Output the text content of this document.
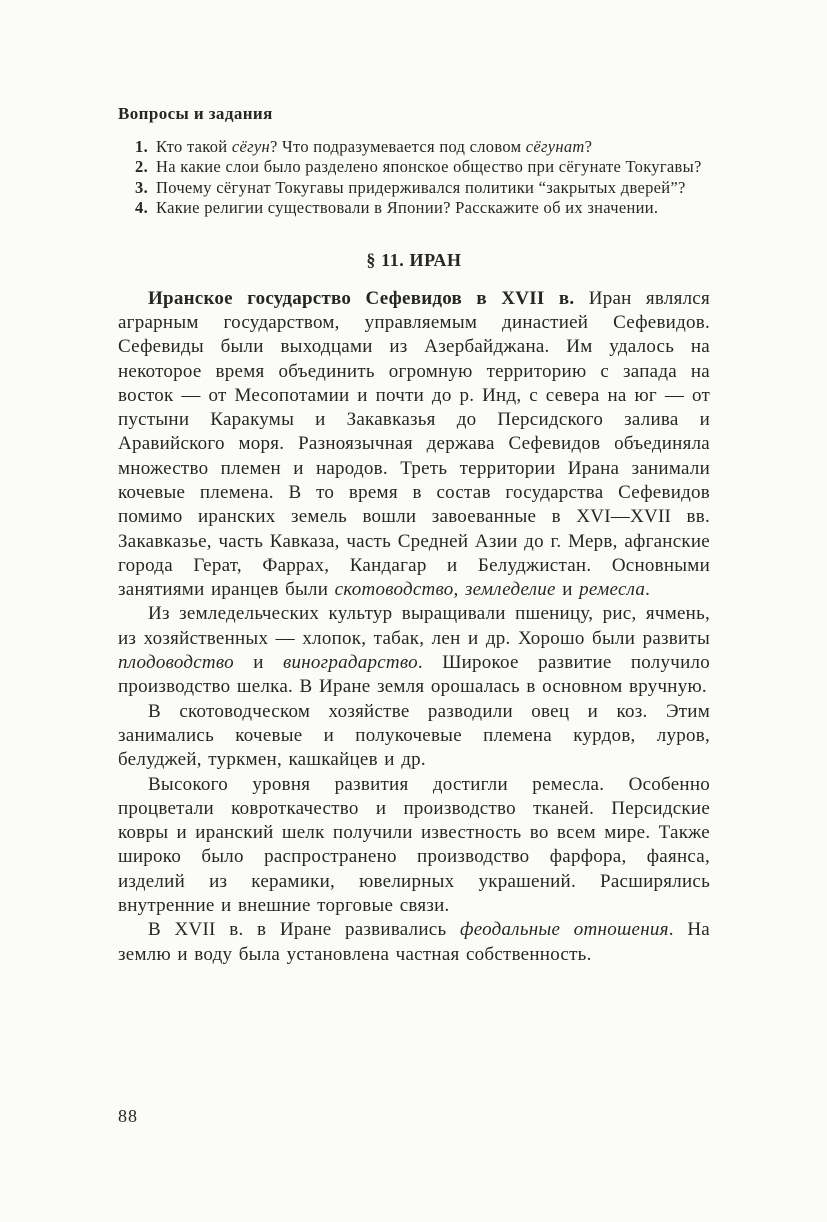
Вопросы и задания
1. Кто такой сёгун? Что подразумевается под словом сёгунат?
2. На какие слои было разделено японское общество при сёгунате Токугавы?
3. Почему сёгунат Токугавы придерживался политики “закрытых дверей”?
4. Какие религии существовали в Японии? Расскажите об их значении.
§ 11. ИРАН

Иранское государство Сефевидов в XVII в. Иран являлся аграрным государством, управляемым династией Сефевидов. Сефевиды были выходцами из Азербайджана. Им удалось на некоторое время объединить огромную территорию с запада на восток — от Месопотамии и почти до р. Инд, с севера на юг — от пустыни Каракумы и Закавказья до Персидского залива и Аравийского моря. Разноязычная держава Сефевидов объединяла множество племен и народов. Треть территории Ирана занимали кочевые племена. В то время в состав государства Сефевидов помимо иранских земель вошли завоеванные в XVI—XVII вв. Закавказье, часть Кавказа, часть Средней Азии до г. Мерв, афганские города Герат, Фаррах, Кандагар и Белуджистан. Основными занятиями иранцев были скотоводство, земледелие и ремесла.

Из земледельческих культур выращивали пшеницу, рис, ячмень, из хозяйственных — хлопок, табак, лен и др. Хорошо были развиты плодоводство и виноградарство. Широкое развитие получило производство шелка. В Иране земля орошалась в основном вручную.

В скотоводческом хозяйстве разводили овец и коз. Этим занимались кочевые и полукочевые племена курдов, луров, белуджей, туркмен, кашкайцев и др.

Высокого уровня развития достигли ремесла. Особенно процветали ковроткачество и производство тканей. Персидские ковры и иранский шелк получили известность во всем мире. Также широко было распространено производство фарфора, фаянса, изделий из керамики, ювелирных украшений. Расширялись внутренние и внешние торговые связи.

В XVII в. в Иране развивались феодальные отношения. На землю и воду была установлена частная собственность.

88
